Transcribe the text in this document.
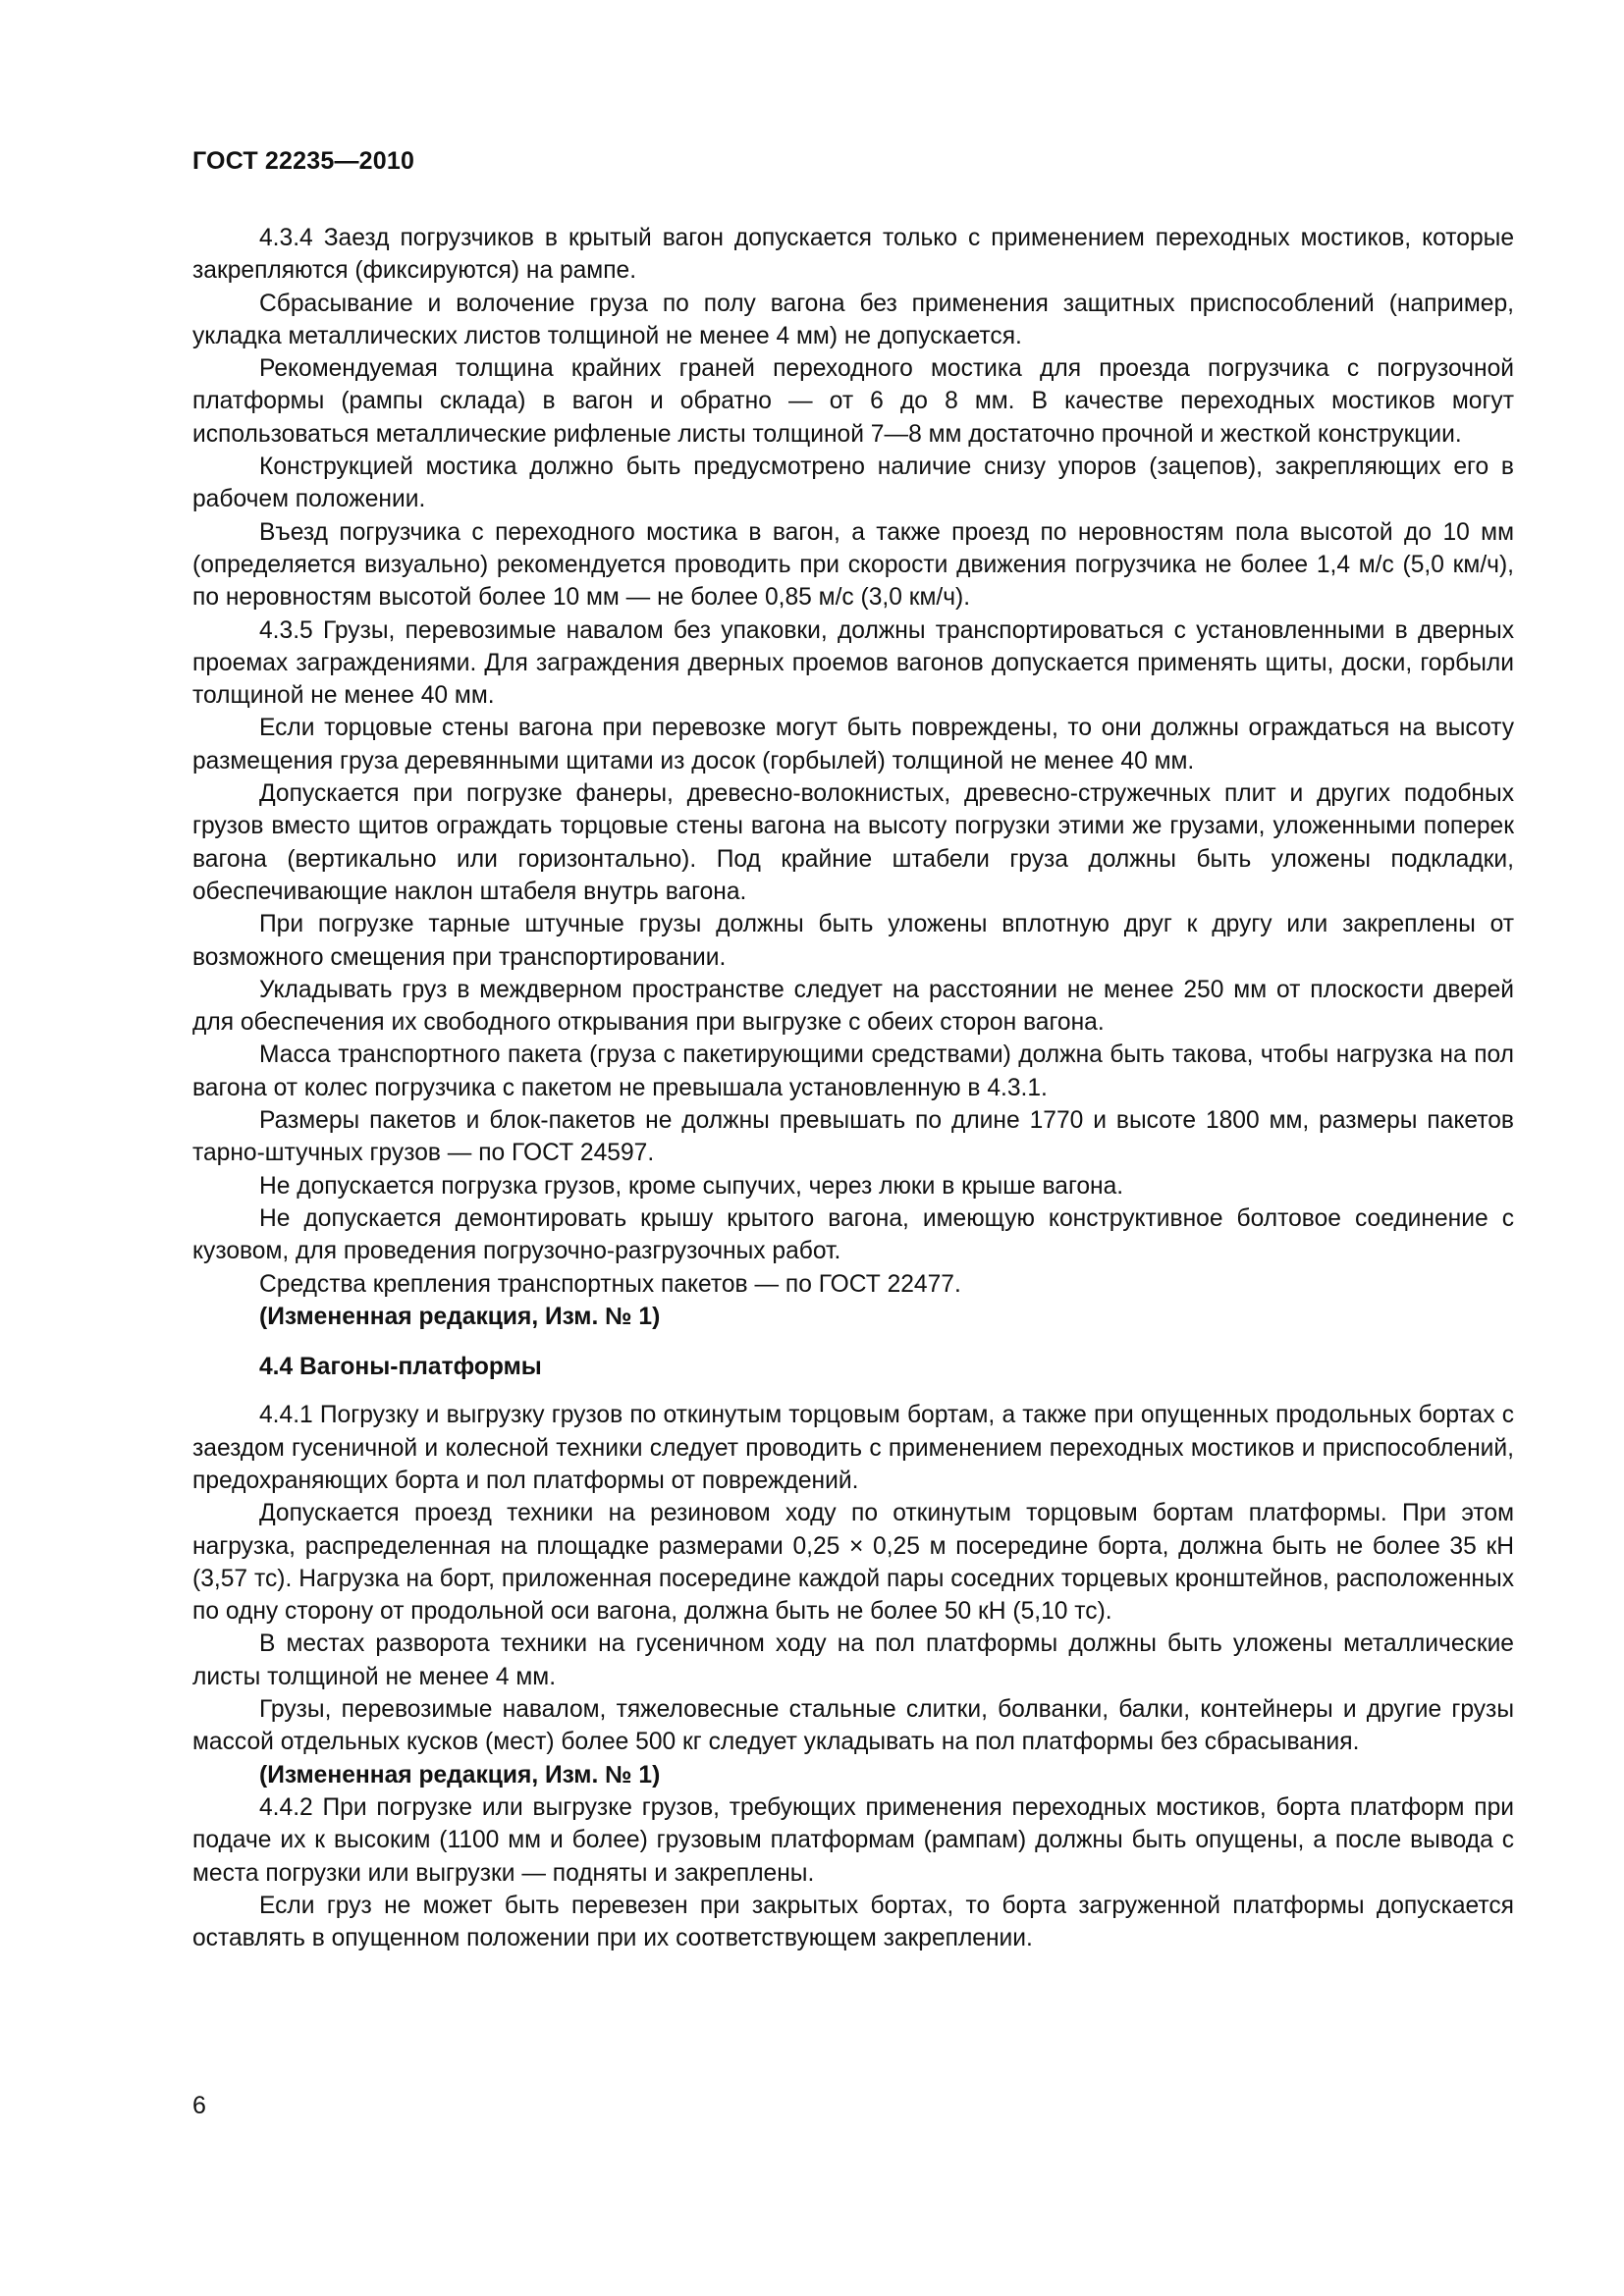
ГОСТ 22235—2010

4.3.4 Заезд погрузчиков в крытый вагон допускается только с применением переходных мостиков, которые закрепляются (фиксируются) на рампе.

Сбрасывание и волочение груза по полу вагона без применения защитных приспособлений (например, укладка металлических листов толщиной не менее 4 мм) не допускается.

Рекомендуемая толщина крайних граней переходного мостика для проезда погрузчика с погрузочной платформы (рампы склада) в вагон и обратно — от 6 до 8 мм. В качестве переходных мостиков могут использоваться металлические рифленые листы толщиной 7—8 мм достаточно прочной и жесткой конструкции.

Конструкцией мостика должно быть предусмотрено наличие снизу упоров (зацепов), закрепляющих его в рабочем положении.

Въезд погрузчика с переходного мостика в вагон, а также проезд по неровностям пола высотой до 10 мм (определяется визуально) рекомендуется проводить при скорости движения погрузчика не более 1,4 м/с (5,0 км/ч), по неровностям высотой более 10 мм — не более 0,85 м/с (3,0 км/ч).

4.3.5 Грузы, перевозимые навалом без упаковки, должны транспортироваться с установленными в дверных проемах заграждениями. Для заграждения дверных проемов вагонов допускается применять щиты, доски, горбыли толщиной не менее 40 мм.

Если торцовые стены вагона при перевозке могут быть повреждены, то они должны ограждаться на высоту размещения груза деревянными щитами из досок (горбылей) толщиной не менее 40 мм.

Допускается при погрузке фанеры, древесно-волокнистых, древесно-стружечных плит и других подобных грузов вместо щитов ограждать торцовые стены вагона на высоту погрузки этими же грузами, уложенными поперек вагона (вертикально или горизонтально). Под крайние штабели груза должны быть уложены подкладки, обеспечивающие наклон штабеля внутрь вагона.

При погрузке тарные штучные грузы должны быть уложены вплотную друг к другу или закреплены от возможного смещения при транспортировании.

Укладывать груз в междверном пространстве следует на расстоянии не менее 250 мм от плоскости дверей для обеспечения их свободного открывания при выгрузке с обеих сторон вагона.

Масса транспортного пакета (груза с пакетирующими средствами) должна быть такова, чтобы нагрузка на пол вагона от колес погрузчика с пакетом не превышала установленную в 4.3.1.

Размеры пакетов и блок-пакетов не должны превышать по длине 1770 и высоте 1800 мм, размеры пакетов тарно-штучных грузов — по ГОСТ 24597.

Не допускается погрузка грузов, кроме сыпучих, через люки в крыше вагона.

Не допускается демонтировать крышу крытого вагона, имеющую конструктивное болтовое соединение с кузовом, для проведения погрузочно-разгрузочных работ.

Средства крепления транспортных пакетов — по ГОСТ 22477.

(Измененная редакция, Изм. № 1)

4.4 Вагоны-платформы

4.4.1 Погрузку и выгрузку грузов по откинутым торцовым бортам, а также при опущенных продольных бортах с заездом гусеничной и колесной техники следует проводить с применением переходных мостиков и приспособлений, предохраняющих борта и пол платформы от повреждений.

Допускается проезд техники на резиновом ходу по откинутым торцовым бортам платформы. При этом нагрузка, распределенная на площадке размерами 0,25 × 0,25 м посередине борта, должна быть не более 35 кН (3,57 тс). Нагрузка на борт, приложенная посередине каждой пары соседних торцевых кронштейнов, расположенных по одну сторону от продольной оси вагона, должна быть не более 50 кН (5,10 тс).

В местах разворота техники на гусеничном ходу на пол платформы должны быть уложены металлические листы толщиной не менее 4 мм.

Грузы, перевозимые навалом, тяжеловесные стальные слитки, болванки, балки, контейнеры и другие грузы массой отдельных кусков (мест) более 500 кг следует укладывать на пол платформы без сбрасывания.

(Измененная редакция, Изм. № 1)

4.4.2 При погрузке или выгрузке грузов, требующих применения переходных мостиков, борта платформ при подаче их к высоким (1100 мм и более) грузовым платформам (рампам) должны быть опущены, а после вывода с места погрузки или выгрузки — подняты и закреплены.

Если груз не может быть перевезен при закрытых бортах, то борта загруженной платформы допускается оставлять в опущенном положении при их соответствующем закреплении.

6
